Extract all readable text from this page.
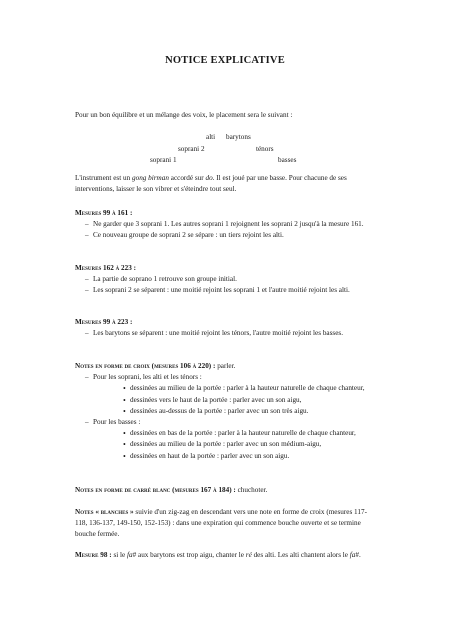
NOTICE EXPLICATIVE

Pour un bon équilibre et un mélange des voix, le placement sera le suivant :

alti barytons
soprani 2	ténors
soprani 1	basses

L'instrument est un gong birman accordé sur do. Il est joué par une basse. Pour chacune de ses interventions, laisser le son vibrer et s'éteindre tout seul.

Mesures 99 à 161 :
– Ne garder que 3 soprani 1. Les autres soprani 1 rejoignent les soprani 2 jusqu'à la mesure 161.
– Ce nouveau groupe de soprani 2 se sépare : un tiers rejoint les alti.
Mesures 162 à 223 :
– La partie de soprano 1 retrouve son groupe initial.
– Les soprani 2 se séparent : une moitié rejoint les soprani 1 et l'autre moitié rejoint les alti.
Mesures 99 à 223 :
– Les barytons se séparent : une moitié rejoint les ténors, l'autre moitié rejoint les basses.
Notes en forme de croix (mesures 106 à 220) : parler.
– Pour les soprani, les alti et les ténors :
• dessinées au milieu de la portée : parler à la hauteur naturelle de chaque chanteur,
• dessinées vers le haut de la portée : parler avec un son aigu,
• dessinées au-dessus de la portée : parler avec un son très aigu.
– Pour les basses :
• dessinées en bas de la portée : parler à la hauteur naturelle de chaque chanteur,
• dessinées au milieu de la portée : parler avec un son médium-aigu,
• dessinées en haut de la portée : parler avec un son aigu.

Notes en forme de carré blanc (mesures 167 à 184) : chuchoter.

Notes « blanches » suivie d'un zig-zag en descendant vers une note en forme de croix (mesures 117-118, 136-137, 149-150, 152-153) : dans une expiration qui commence bouche ouverte et se termine bouche fermée.

Mesure 98 : si le fa# aux barytons est trop aigu, chanter le ré des alti. Les alti chantent alors le fa#.
